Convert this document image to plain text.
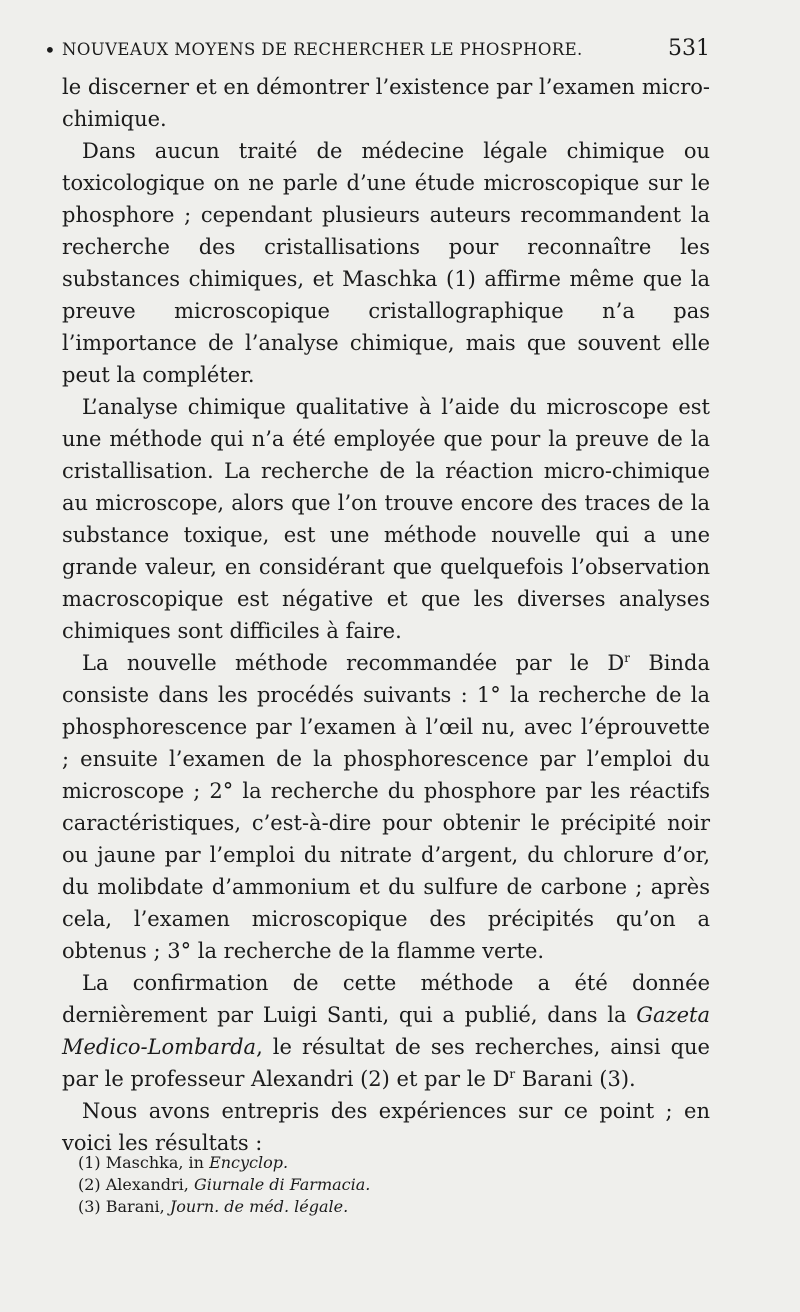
• NOUVEAUX MOYENS DE RECHERCHER LE PHOSPHORE.	531

le discerner et en démontrer l’existence par l’examen micro-chimique.

Dans aucun traité de médecine légale chimique ou toxicologique on ne parle d’une étude microscopique sur le phosphore ; cependant plusieurs auteurs recommandent la recherche des cristallisations pour reconnaître les substances chimiques, et Maschka (1) affirme même que la preuve microscopique cristallographique n’a pas l’importance de l’analyse chimique, mais que souvent elle peut la compléter.

L’analyse chimique qualitative à l’aide du microscope est une méthode qui n’a été employée que pour la preuve de la cristallisation. La recherche de la réaction micro-chimique au microscope, alors que l’on trouve encore des traces de la substance toxique, est une méthode nouvelle qui a une grande valeur, en considérant que quelquefois l’observation macroscopique est négative et que les diverses analyses chimiques sont difficiles à faire.

La nouvelle méthode recommandée par le $D^r$ Binda consiste dans les procédés suivants : 1° la recherche de la phosphorescence par l’examen à l’œil nu, avec l’éprouvette ; ensuite l’examen de la phosphorescence par l’emploi du microscope ; 2° la recherche du phosphore par les réactifs caractéristiques, c’est-à-dire pour obtenir le précipité noir ou jaune par l’emploi du nitrate d’argent, du chlorure d’or, du molibdate d’ammonium et du sulfure de carbone ; après cela, l’examen microscopique des précipités qu’on a obtenus ; 3° la recherche de la flamme verte.

La confirmation de cette méthode a été donnée dernièrement par Luigi Santi, qui a publié, dans la Gazeta Medico-Lombarda, le résultat de ses recherches, ainsi que par le professeur Alexandri (2) et par le $D^r$ Barani (3).

Nous avons entrepris des expériences sur ce point ; en voici les résultats :

(1) Maschka, in Encyclop.
(2) Alexandri, Giurnale di Farmacia.
(3) Barani, Journ. de méd. légale.
